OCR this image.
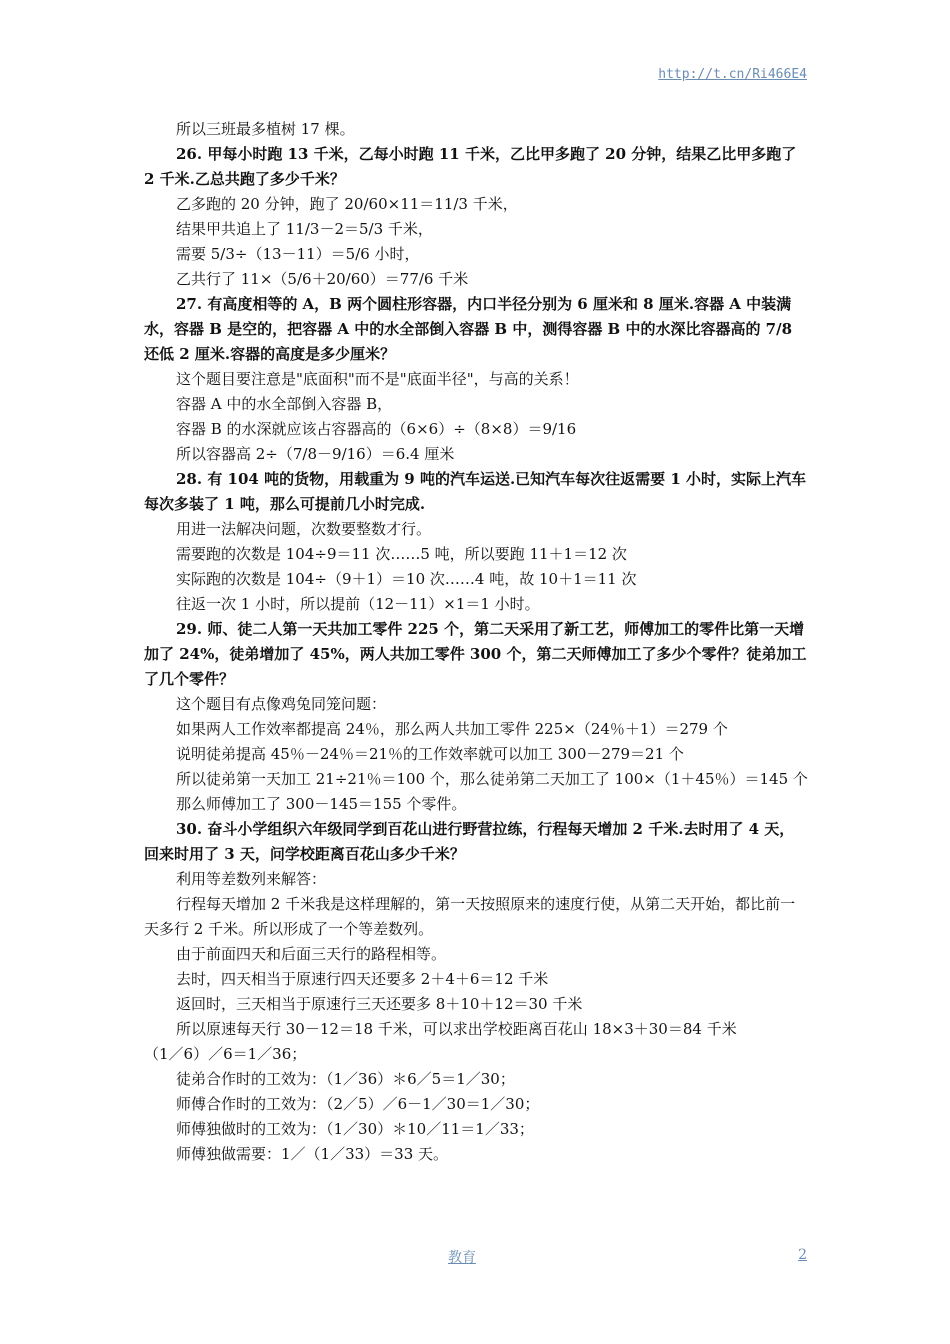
http://t.cn/Ri466E4

所以三班最多植树 17 棵。

26. 甲每小时跑 13 千米，乙每小时跑 11 千米，乙比甲多跑了 20 分钟，结果乙比甲多跑了 2 千米.乙总共跑了多少千米？

乙多跑的 20 分钟，跑了 20/60×11＝11/3 千米，

结果甲共追上了 11/3－2＝5/3 千米，

需要 5/3÷（13－11）＝5/6 小时，

乙共行了 11×（5/6＋20/60）＝77/6 千米

27. 有高度相等的 A，B 两个圆柱形容器，内口半径分别为 6 厘米和 8 厘米.容器 A 中装满水，容器 B 是空的，把容器 A 中的水全部倒入容器 B 中，测得容器 B 中的水深比容器高的 7/8 还低 2 厘米.容器的高度是多少厘米？

这个题目要注意是"底面积"而不是"底面半径"，与高的关系！

容器 A 中的水全部倒入容器 B，

容器 B 的水深就应该占容器高的（6×6）÷（8×8）＝9/16

所以容器高 2÷（7/8－9/16）＝6.4 厘米

28. 有 104 吨的货物，用载重为 9 吨的汽车运送.已知汽车每次往返需要 1 小时，实际上汽车每次多装了 1 吨，那么可提前几小时完成.

用进一法解决问题，次数要整数才行。

需要跑的次数是 104÷9＝11 次……5 吨，所以要跑 11＋1＝12 次

实际跑的次数是 104÷（9＋1）＝10 次……4 吨，故 10＋1＝11 次

往返一次 1 小时，所以提前（12－11）×1＝1 小时。

29. 师、徒二人第一天共加工零件 225 个，第二天采用了新工艺，师傅加工的零件比第一天增加了 24%，徒弟增加了 45%，两人共加工零件 300 个，第二天师傅加工了多少个零件？徒弟加工了几个零件？

这个题目有点像鸡兔同笼问题：

如果两人工作效率都提高 24％，那么两人共加工零件 225×（24％＋1）＝279 个

说明徒弟提高 45％－24％＝21％的工作效率就可以加工 300－279＝21 个

所以徒弟第一天加工 21÷21％＝100 个，那么徒弟第二天加工了 100×（1＋45％）＝145 个

那么师傅加工了 300－145＝155 个零件。

30. 奋斗小学组织六年级同学到百花山进行野营拉练，行程每天增加 2 千米.去时用了 4 天，回来时用了 3 天，问学校距离百花山多少千米？

利用等差数列来解答：

行程每天增加 2 千米我是这样理解的，第一天按照原来的速度行使，从第二天开始，都比前一天多行 2 千米。所以形成了一个等差数列。

由于前面四天和后面三天行的路程相等。

去时，四天相当于原速行四天还要多 2＋4＋6＝12 千米

返回时，三天相当于原速行三天还要多 8＋10＋12＝30 千米

所以原速每天行 30－12＝18 千米，可以求出学校距离百花山 18×3＋30＝84 千米

（1／6）／6＝1／36；

徒弟合作时的工效为：（1／36）＊6／5＝1／30；

师傅合作时的工效为：（2／5）／6－1／30＝1／30；

师傅独做时的工效为：（1／30）＊10／11＝1／33；

师傅独做需要：1／（1／33）＝33 天。

教育	2
